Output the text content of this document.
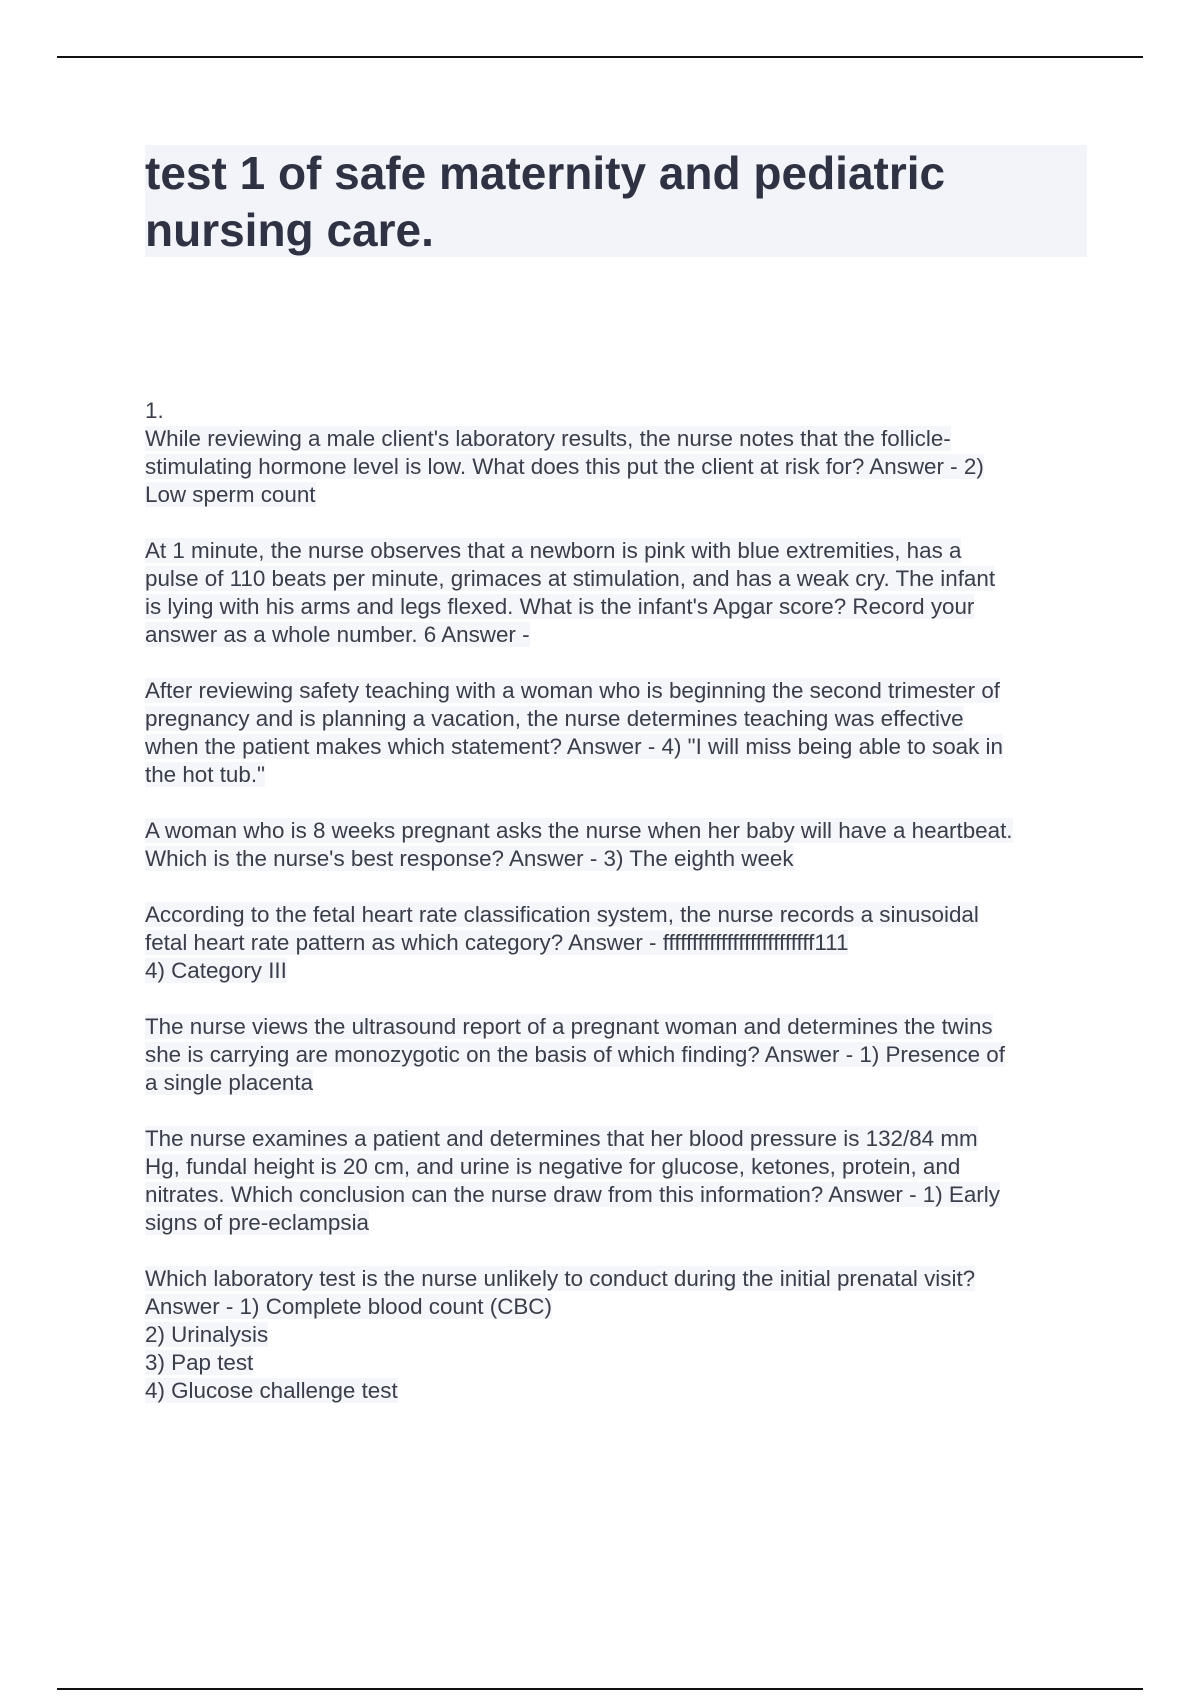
test 1 of safe maternity and pediatric
nursing care.
1.

While reviewing a male client's laboratory results, the nurse notes that the follicle-
stimulating hormone level is low. What does this put the client at risk for? Answer - 2)
Low sperm count

At 1 minute, the nurse observes that a newborn is pink with blue extremities, has a
pulse of 110 beats per minute, grimaces at stimulation, and has a weak cry. The infant
is lying with his arms and legs flexed. What is the infant's Apgar score? Record your
answer as a whole number. 6 Answer -

After reviewing safety teaching with a woman who is beginning the second trimester of
pregnancy and is planning a vacation, the nurse determines teaching was effective
when the patient makes which statement? Answer - 4) "I will miss being able to soak in
the hot tub."

A woman who is 8 weeks pregnant asks the nurse when her baby will have a heartbeat.
Which is the nurse's best response? Answer - 3) The eighth week

According to the fetal heart rate classification system, the nurse records a sinusoidal
fetal heart rate pattern as which category? Answer - ffffffffffffffffffffffffff111
4) Category III

The nurse views the ultrasound report of a pregnant woman and determines the twins
she is carrying are monozygotic on the basis of which finding? Answer - 1) Presence of
a single placenta

The nurse examines a patient and determines that her blood pressure is 132/84 mm
Hg, fundal height is 20 cm, and urine is negative for glucose, ketones, protein, and
nitrates. Which conclusion can the nurse draw from this information? Answer - 1) Early
signs of pre-eclampsia

Which laboratory test is the nurse unlikely to conduct during the initial prenatal visit?
Answer - 1) Complete blood count (CBC)
2) Urinalysis
3) Pap test
4) Glucose challenge test
